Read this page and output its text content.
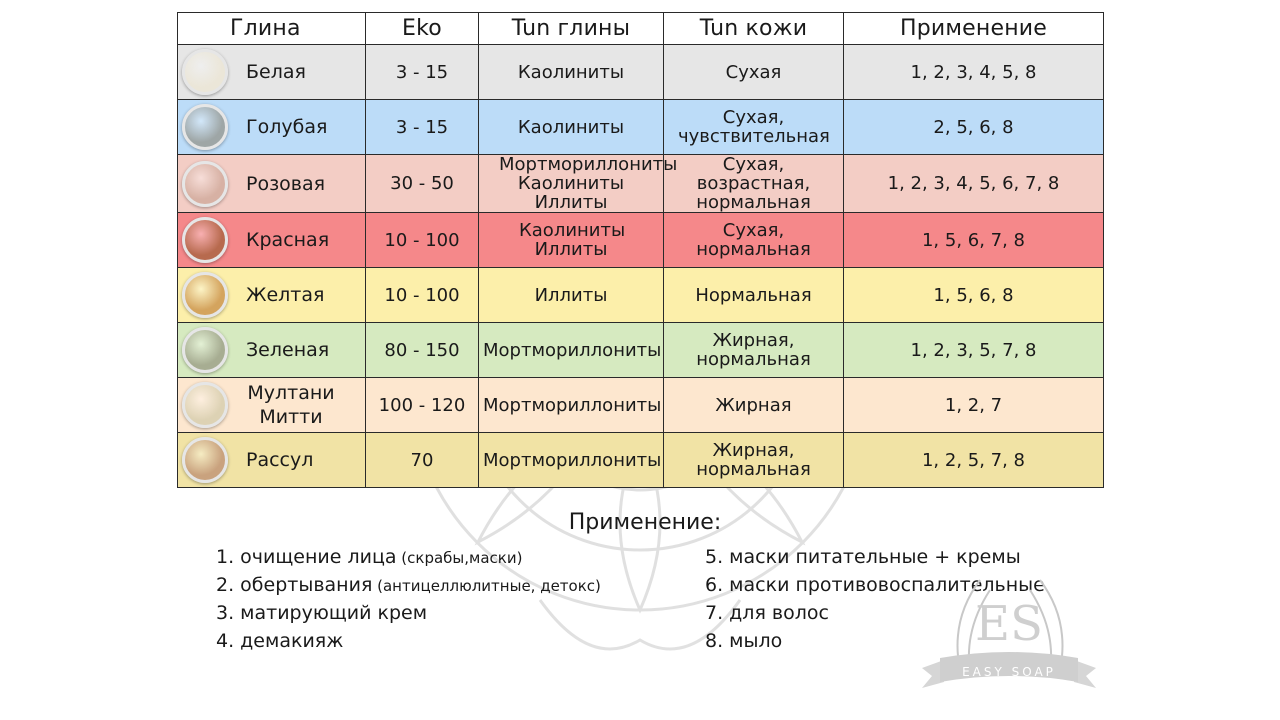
Глина	Eko	Tun глины	Tun кожи	Применение

Белая	3 - 15	Каолиниты	Сухая	1, 2, 3, 4, 5, 8

Голубая	3 - 15	Каолиниты	Сухая, чувствительная	2, 5, 6, 8

Розовая	30 - 50	Мортмориллониты Каолиниты Иллиты	Сухая, возрастная, нормальная	1, 2, 3, 4, 5, 6, 7, 8

Красная	10 - 100	Каолиниты Иллиты	Сухая, нормальная	1, 5, 6, 7, 8

Желтая	10 - 100	Иллиты	Нормальная	1, 5, 6, 8

Зеленая	80 - 150	Мортмориллониты	Жирная, нормальная	1, 2, 3, 5, 7, 8

Мултани Митти	100 - 120	Мортмориллониты	Жирная	1, 2, 7

Рассул	70	Мортмориллониты	Жирная, нормальная	1, 2, 5, 7, 8
Применение:
1. очищение лица (скрабы,маски)
2. обертывания (антицеллюлитные, детокс)
3. матирующий крем
4. демакияж
5. маски питательные + кремы
6. маски противовоспалительные
7. для волос
8. мыло	ES
EASY SOAP
